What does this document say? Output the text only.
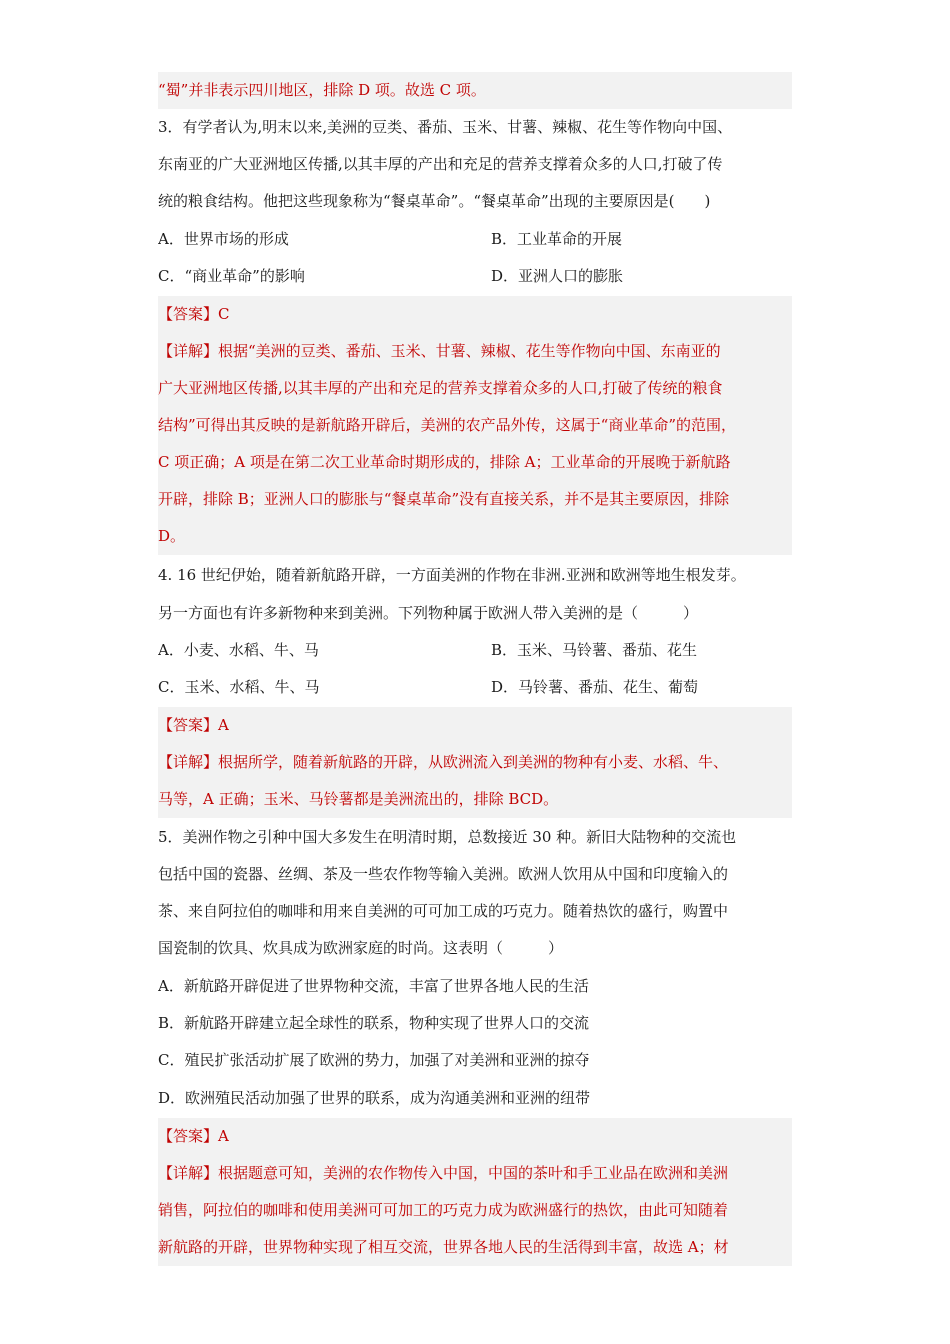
“蜀”并非表示四川地区，排除 D 项。故选 C 项。
3．有学者认为,明末以来,美洲的豆类、番茄、玉米、甘薯、辣椒、花生等作物向中国、
东南亚的广大亚洲地区传播,以其丰厚的产出和充足的营养支撑着众多的人口,打破了传
统的粮食结构。他把这些现象称为“餐桌革命”。“餐桌革命”出现的主要原因是(　　)
A．世界市场的形成	B．工业革命的开展
C．“商业革命”的影响	D．亚洲人口的膨胀
【答案】C
【详解】根据“美洲的豆类、番茄、玉米、甘薯、辣椒、花生等作物向中国、东南亚的
广大亚洲地区传播,以其丰厚的产出和充足的营养支撑着众多的人口,打破了传统的粮食
结构”可得出其反映的是新航路开辟后，美洲的农产品外传，这属于“商业革命”的范围，
C 项正确；A 项是在第二次工业革命时期形成的，排除 A；工业革命的开展晚于新航路
开辟，排除 B；亚洲人口的膨胀与“餐桌革命”没有直接关系，并不是其主要原因，排除
D。
4. 16 世纪伊始，随着新航路开辟，一方面美洲的作物在非洲.亚洲和欧洲等地生根发芽。
另一方面也有许多新物种来到美洲。下列物种属于欧洲人带入美洲的是（　　　）
A．小麦、水稻、牛、马	B．玉米、马铃薯、番茄、花生
C．玉米、水稻、牛、马	D．马铃薯、番茄、花生、葡萄
【答案】A
【详解】根据所学，随着新航路的开辟，从欧洲流入到美洲的物种有小麦、水稻、牛、
马等，A 正确；玉米、马铃薯都是美洲流出的，排除 BCD。
5．美洲作物之引种中国大多发生在明清时期，总数接近 30 种。新旧大陆物种的交流也
包括中国的瓷器、丝绸、茶及一些农作物等输入美洲。欧洲人饮用从中国和印度输入的
茶、来自阿拉伯的咖啡和用来自美洲的可可加工成的巧克力。随着热饮的盛行，购置中
国瓷制的饮具、炊具成为欧洲家庭的时尚。这表明（　　　）
A．新航路开辟促进了世界物种交流，丰富了世界各地人民的生活
B．新航路开辟建立起全球性的联系，物种实现了世界人口的交流
C．殖民扩张活动扩展了欧洲的势力，加强了对美洲和亚洲的掠夺
D．欧洲殖民活动加强了世界的联系，成为沟通美洲和亚洲的纽带
【答案】A
【详解】根据题意可知，美洲的农作物传入中国，中国的茶叶和手工业品在欧洲和美洲
销售，阿拉伯的咖啡和使用美洲可可加工的巧克力成为欧洲盛行的热饮，由此可知随着
新航路的开辟，世界物种实现了相互交流，世界各地人民的生活得到丰富，故选 A；材
